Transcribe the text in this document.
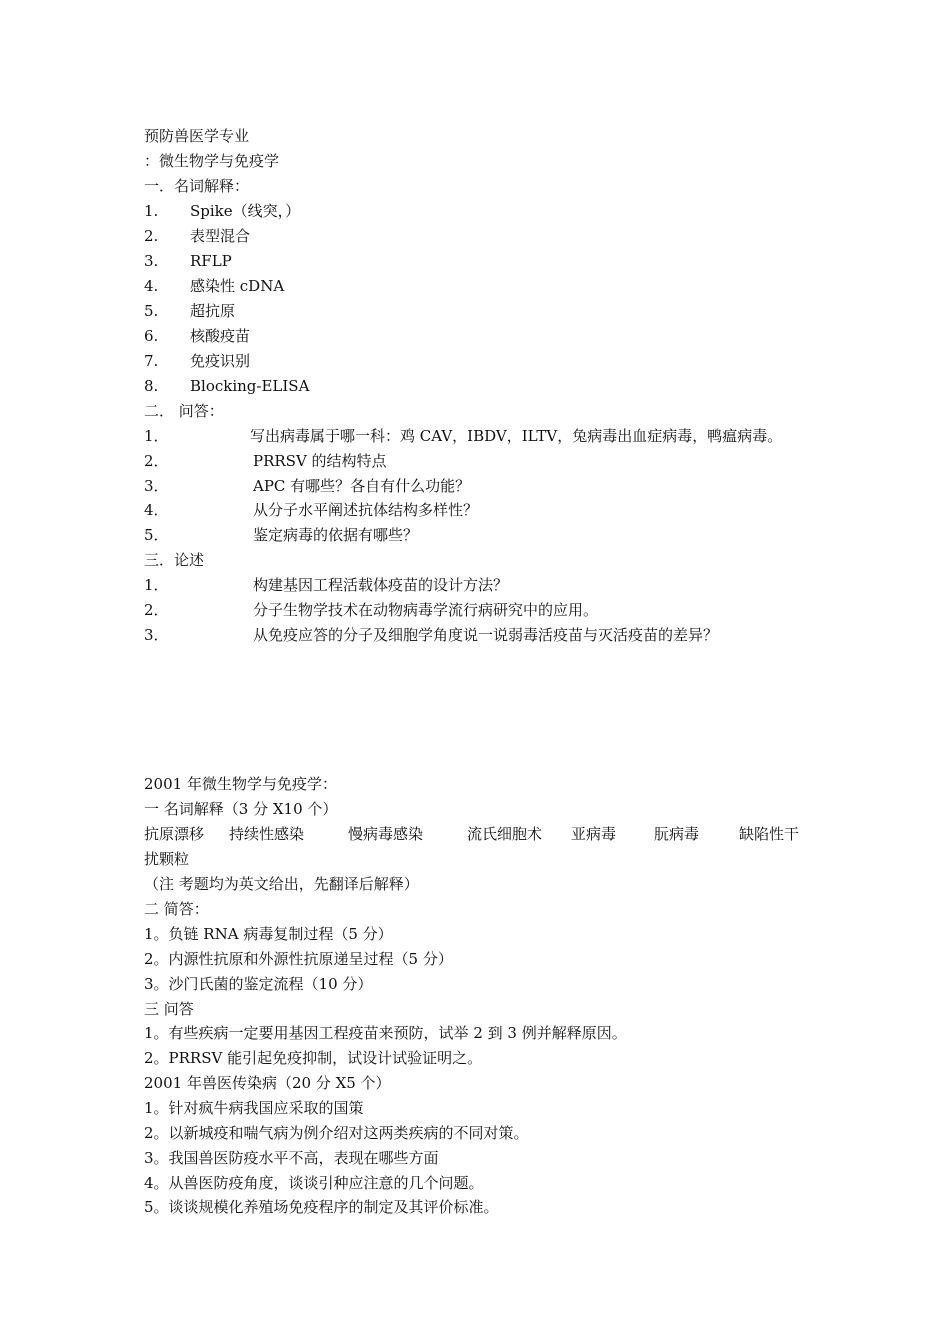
预防兽医学专业
：微生物学与免疫学
一．名词解释：
1. Spike（线突，）
2. 表型混合
3. RFLP
4. 感染性 cDNA
5. 超抗原
6. 核酸疫苗
7. 免疫识别
8. Blocking-ELISA
二． 问答：
1．	写出病毒属于哪一科：鸡 CAV，IBDV，ILTV，兔病毒出血症病毒，鸭瘟病毒。
2．	PRRSV 的结构特点
3．	APC 有哪些？各自有什么功能？
4．	从分子水平阐述抗体结构多样性？
5．	鉴定病毒的依据有哪些？
三．论述
1．	构建基因工程活载体疫苗的设计方法？
2．	分子生物学技术在动物病毒学流行病研究中的应用。
3．	从免疫应答的分子及细胞学角度说一说弱毒活疫苗与灭活疫苗的差异？
2001 年微生物学与免疫学：
一 名词解释（3 分 X10 个）
抗原漂移 持续性感染	慢病毒感染	流氏细胞术 亚病毒	朊病毒	缺陷性干
扰颗粒
（注 考题均为英文给出，先翻译后解释）
二 简答：
1。负链 RNA 病毒复制过程（5 分）
2。内源性抗原和外源性抗原递呈过程（5 分）
3。沙门氏菌的鉴定流程（10 分）
三 问答
1。有些疾病一定要用基因工程疫苗来预防，试举 2 到 3 例并解释原因。
2。PRRSV 能引起免疫抑制，试设计试验证明之。
2001 年兽医传染病（20 分 X5 个）
1。针对疯牛病我国应采取的国策
2。以新城疫和喘气病为例介绍对这两类疾病的不同对策。
3。我国兽医防疫水平不高，表现在哪些方面
4。从兽医防疫角度，谈谈引种应注意的几个问题。
5。谈谈规模化养殖场免疫程序的制定及其评价标准。
